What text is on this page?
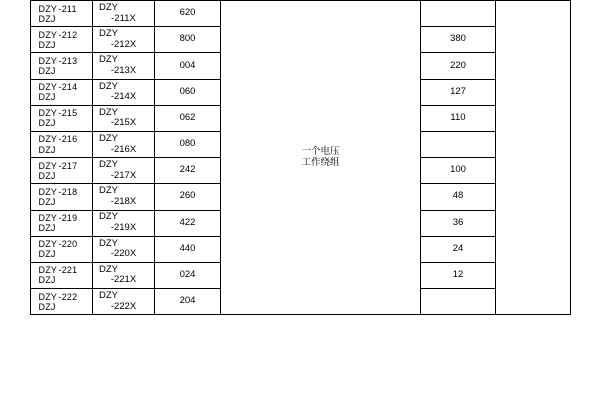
DZY-211
DZJ	DZY
-211X	620	一个电压
工作绕组		

DZY-212
DZJ	DZY
-212X	800		380	

DZY-213
DZJ	DZY
-213X	004		220	

DZY-214
DZJ	DZY
-214X	060		127	

DZY-215
DZJ	DZY
-215X	062		110	

DZY-216
DZJ	DZY
-216X	080			

DZY-217
DZJ	DZY
-217X	242		100	

DZY-218
DZJ	DZY
-218X	260		48	

DZY-219
DZJ	DZY
-219X	422		36	

DZY-220
DZJ	DZY
-220X	440		24	

DZY-221
DZJ	DZY
-221X	024		12	

DZY-222
DZJ	DZY
-222X	204			
